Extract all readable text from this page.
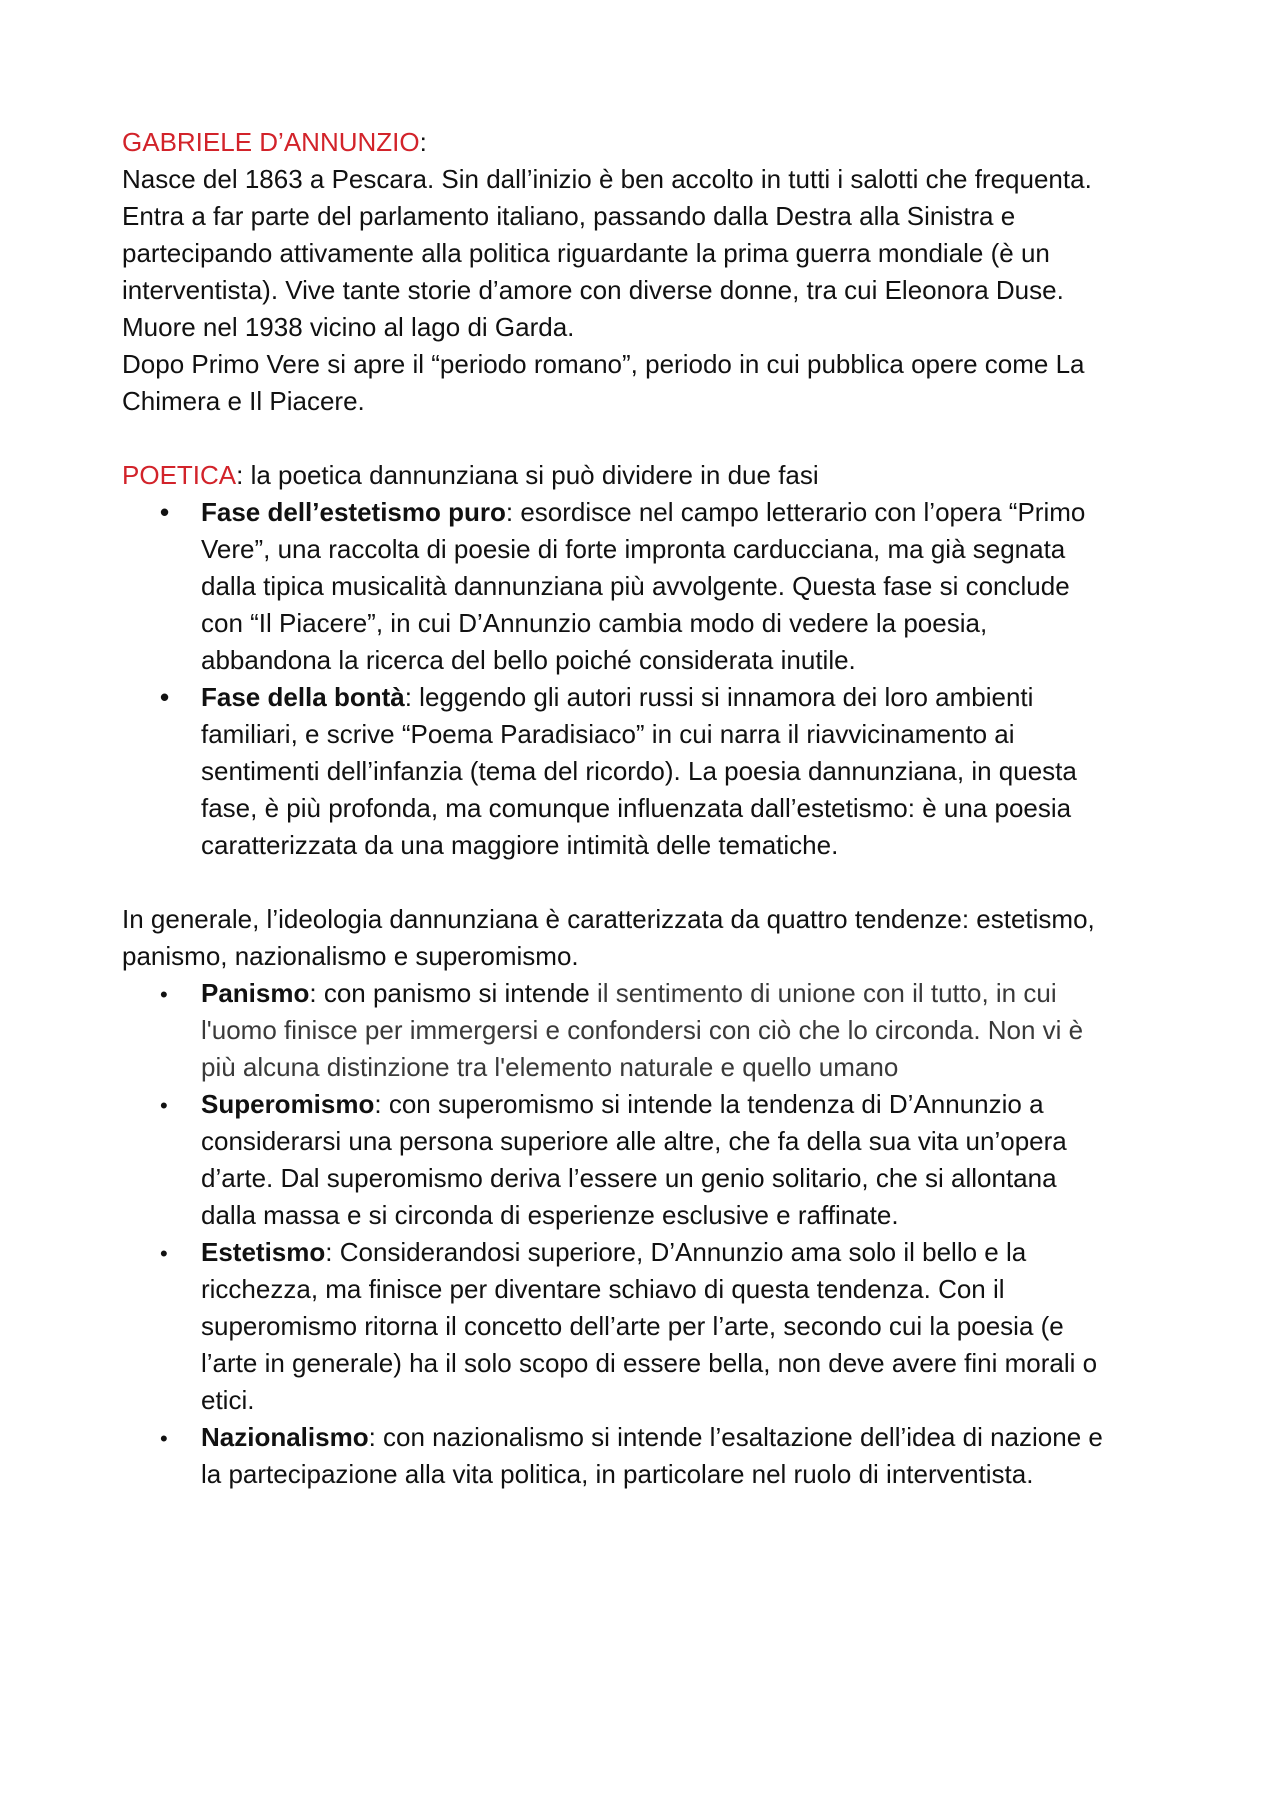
GABRIELE D’ANNUNZIO:

Nasce del 1863 a Pescara. Sin dall’inizio è ben accolto in tutti i salotti che frequenta.

Entra a far parte del parlamento italiano, passando dalla Destra alla Sinistra e

partecipando attivamente alla politica riguardante la prima guerra mondiale (è un

interventista). Vive tante storie d’amore con diverse donne, tra cui Eleonora Duse.

Muore nel 1938 vicino al lago di Garda.

Dopo Primo Vere si apre il “periodo romano”, periodo in cui pubblica opere come La

Chimera e Il Piacere.

POETICA: la poetica dannunziana si può dividere in due fasi

•
Fase dell’estetismo puro: esordisce nel campo letterario con l’opera “Primo
Vere”, una raccolta di poesie di forte impronta carducciana, ma già segnata
dalla tipica musicalità dannunziana più avvolgente. Questa fase si conclude
con “Il Piacere”, in cui D’Annunzio cambia modo di vedere la poesia,
abbandona la ricerca del bello poiché considerata inutile.
•
Fase della bontà: leggendo gli autori russi si innamora dei loro ambienti
familiari, e scrive “Poema Paradisiaco” in cui narra il riavvicinamento ai
sentimenti dell’infanzia (tema del ricordo). La poesia dannunziana, in questa
fase, è più profonda, ma comunque influenzata dall’estetismo: è una poesia
caratterizzata da una maggiore intimità delle tematiche.

In generale, l’ideologia dannunziana è caratterizzata da quattro tendenze: estetismo,

panismo, nazionalismo e superomismo.

•
Panismo: con panismo si intende il sentimento di unione con il tutto, in cui
l'uomo finisce per immergersi e confondersi con ciò che lo circonda. Non vi è
più alcuna distinzione tra l'elemento naturale e quello umano
•
Superomismo: con superomismo si intende la tendenza di D’Annunzio a
considerarsi una persona superiore alle altre, che fa della sua vita un’opera
d’arte. Dal superomismo deriva l’essere un genio solitario, che si allontana
dalla massa e si circonda di esperienze esclusive e raffinate.
•
Estetismo: Considerandosi superiore, D’Annunzio ama solo il bello e la
ricchezza, ma finisce per diventare schiavo di questa tendenza. Con il
superomismo ritorna il concetto dell’arte per l’arte, secondo cui la poesia (e
l’arte in generale) ha il solo scopo di essere bella, non deve avere fini morali o
etici.
•
Nazionalismo: con nazionalismo si intende l’esaltazione dell’idea di nazione e
la partecipazione alla vita politica, in particolare nel ruolo di interventista.
